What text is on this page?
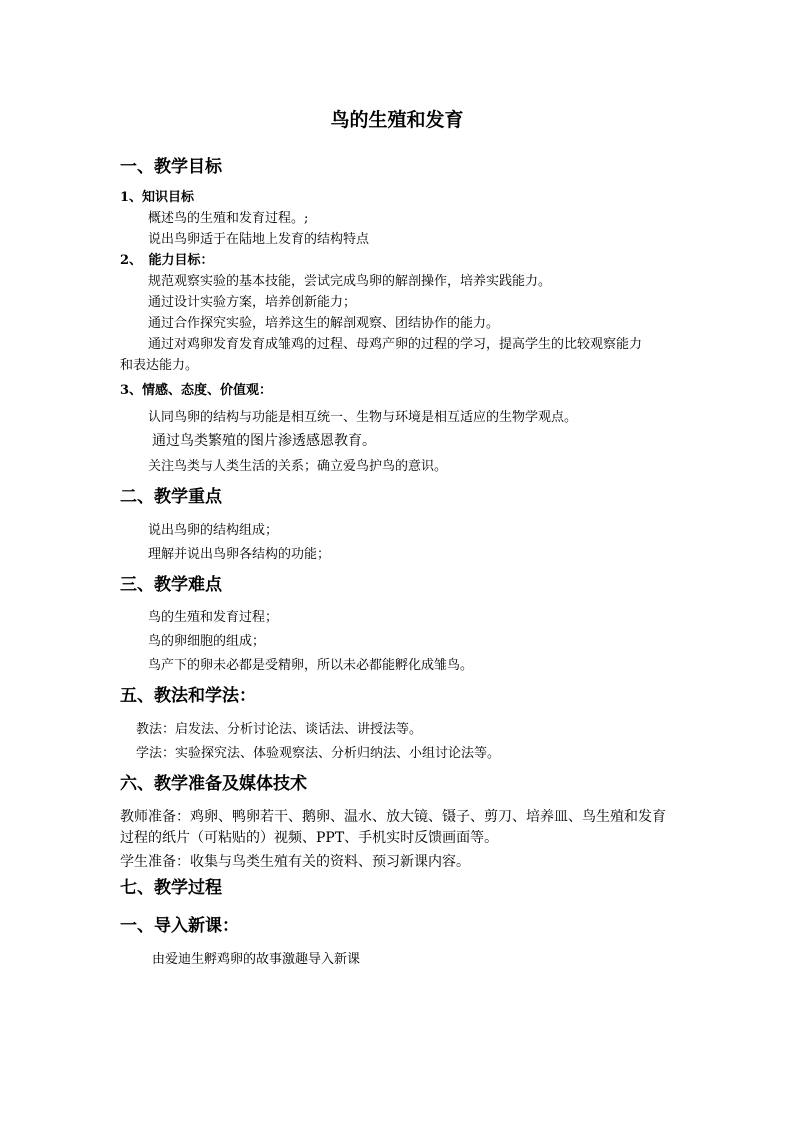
鸟的生殖和发育
一、教学目标
1、知识目标
概述鸟的生殖和发育过程。;
说出鸟卵适于在陆地上发育的结构特点
2、　能力目标：
规范观察实验的基本技能，尝试完成鸟卵的解剖操作，培养实践能力。
通过设计实验方案，培养创新能力；
通过合作探究实验，培养这生的解剖观察、团结协作的能力。
通过对鸡卵发育发育成雏鸡的过程、母鸡产卵的过程的学习，提高学生的比较观察能力
和表达能力。
3、情感、态度、价值观：
认同鸟卵的结构与功能是相互统一、生物与环境是相互适应的生物学观点。
通过鸟类繁殖的图片渗透感恩教育。
关注鸟类与人类生活的关系；确立爱鸟护鸟的意识。
二、教学重点
说出鸟卵的结构组成；
理解并说出鸟卵各结构的功能；
三、教学难点
鸟的生殖和发育过程；
鸟的卵细胞的组成；
鸟产下的卵未必都是受精卵，所以未必都能孵化成雏鸟。
五、教法和学法：
教法：启发法、分析讨论法、谈话法、讲授法等。
学法：实验探究法、体验观察法、分析归纳法、小组讨论法等。
六、教学准备及媒体技术
教师准备：鸡卵、鸭卵若干、鹅卵、温水、放大镜、镊子、剪刀、培养皿、鸟生殖和发育
过程的纸片（可粘贴的）视频、PPT、手机实时反馈画面等。
学生准备：收集与鸟类生殖有关的资料、预习新课内容。
七、教学过程
一、导入新课：
由爱迪生孵鸡卵的故事激趣导入新课
